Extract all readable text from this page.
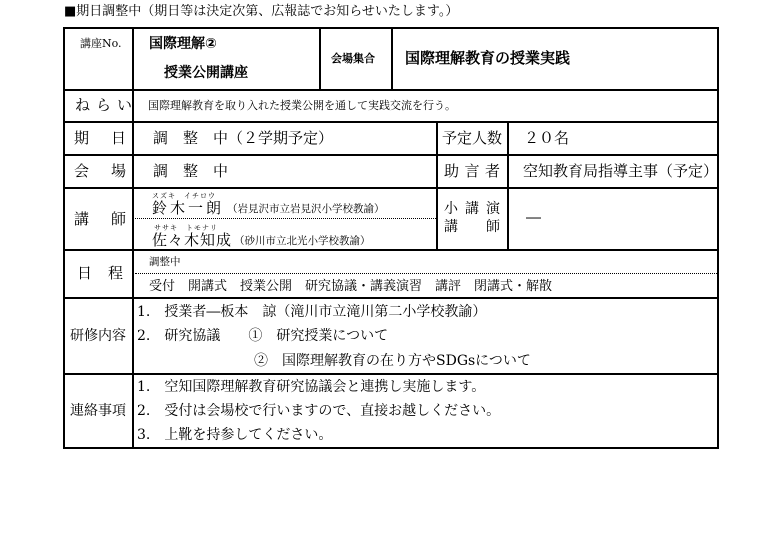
■期日調整中（期日等は決定次第、広報誌でお知らせいたします。）
講座No. 国際理解②
授業公開講座
会場集合 国際理解教育の授業実践
ねらい 国際理解教育を取り入れた授業公開を通して実践交流を行う。
期 日 調　整　中（２学期予定）	予定人数 ２０名
会 場 調　整　中	助 言 者 空知教育局指導主事（予定）
講 師
スズキ　イチロウ
鈴木一朗 （岩見沢市立岩見沢小学校教諭）
ササキ　トモナリ
佐々木知成 （砂川市立北光小学校教諭）
小 講 演
講 師
―
日 程
調整中
受付　開講式　授業公開　研究協議・講義演習　講評　閉講式・解散
研修内容
1.　授業者―板本　諒（滝川市立滝川第二小学校教諭）
2.　研究協議　　①　研究授業について
②　国際理解教育の在り方やSDGsについて
連絡事項
1.　空知国際理解教育研究協議会と連携し実施します。
2.　受付は会場校で行いますので、直接お越しください。
3.　上靴を持参してください。
